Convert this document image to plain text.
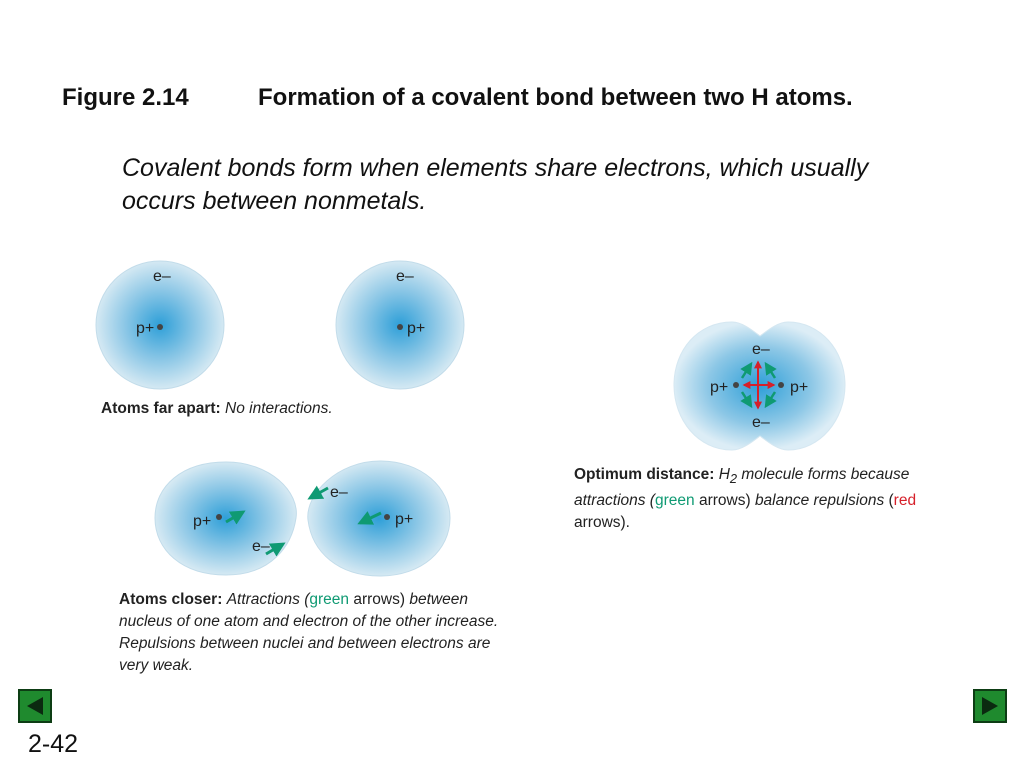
Figure 2.14	Formation of a covalent bond between two H atoms.
Covalent bonds form when elements share electrons, which usually occurs between nonmetals.
p+
e–
p+
e–
p+	p+
e–
e–
p+	p+
e–
e–
Atoms far apart: No interactions.
Atoms closer: Attractions (green arrows) between nucleus of one atom and electron of the other increase. Repulsions between nuclei and between electrons are very weak.
Optimum distance: $H_2$ molecule forms because attractions (green arrows) balance repulsions (red arrows).
2-42
